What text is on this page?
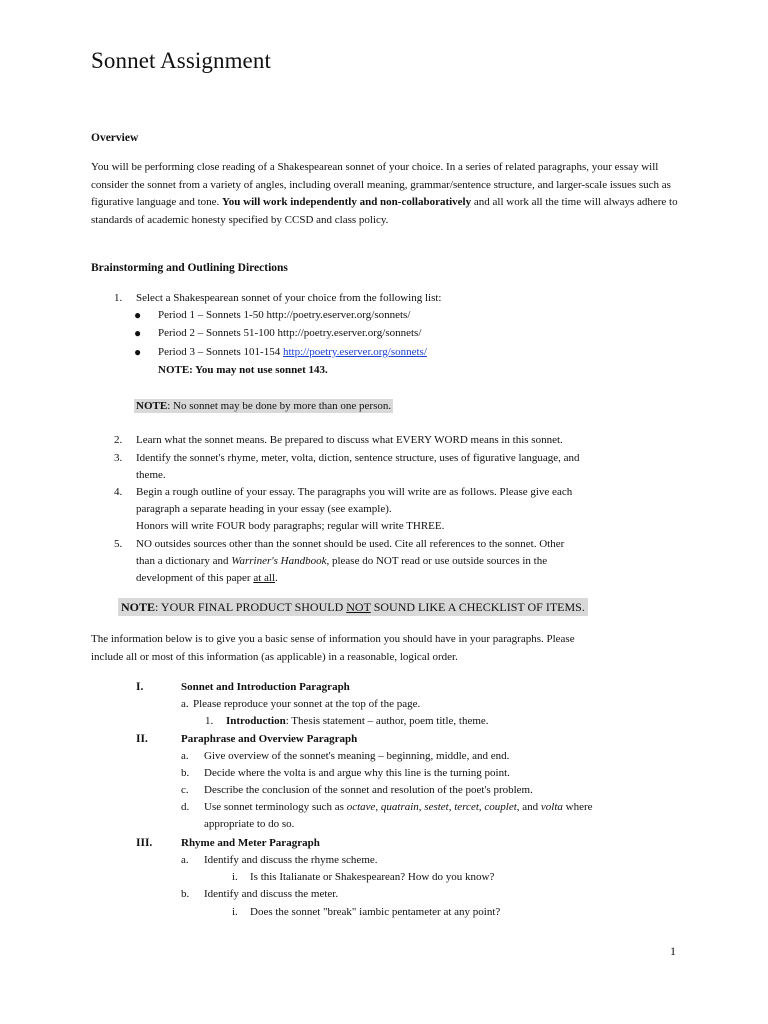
Sonnet Assignment
Overview
You will be performing close reading of a Shakespearean sonnet of your choice. In a series of related paragraphs, your essay will consider the sonnet from a variety of angles, including overall meaning, grammar/sentence structure, and larger-scale issues such as figurative language and tone. You will work independently and non-collaboratively and all work all the time will always adhere to standards of academic honesty specified by CCSD and class policy.
Brainstorming and Outlining Directions
1. Select a Shakespearean sonnet of your choice from the following list:
● Period 1 – Sonnets 1-50 http://poetry.eserver.org/sonnets/
● Period 2 – Sonnets 51-100 http://poetry.eserver.org/sonnets/
● Period 3 – Sonnets 101-154 http://poetry.eserver.org/sonnets/
NOTE: You may not use sonnet 143.
NOTE: No sonnet may be done by more than one person.
2. Learn what the sonnet means. Be prepared to discuss what EVERY WORD means in this sonnet.
3. Identify the sonnet's rhyme, meter, volta, diction, sentence structure, uses of figurative language, and
theme.
4. Begin a rough outline of your essay. The paragraphs you will write are as follows. Please give each
paragraph a separate heading in your essay (see example).
Honors will write FOUR body paragraphs; regular will write THREE.
5. NO outsides sources other than the sonnet should be used. Cite all references to the sonnet. Other
than a dictionary and Warriner's Handbook, please do NOT read or use outside sources in the
development of this paper at all.
NOTE: YOUR FINAL PRODUCT SHOULD NOT SOUND LIKE A CHECKLIST OF ITEMS.
The information below is to give you a basic sense of information you should have in your paragraphs. Please
include all or most of this information (as applicable) in a reasonable, logical order.
I.	Sonnet and Introduction Paragraph
a. Please reproduce your sonnet at the top of the page.
1. Introduction: Thesis statement – author, poem title, theme.
II.	Paraphrase and Overview Paragraph
a. Give overview of the sonnet's meaning – beginning, middle, and end.
b. Decide where the volta is and argue why this line is the turning point.
c. Describe the conclusion of the sonnet and resolution of the poet's problem.
d. Use sonnet terminology such as octave, quatrain, sestet, tercet, couplet, and volta where
appropriate to do so.
III.	Rhyme and Meter Paragraph
a. Identify and discuss the rhyme scheme.
i. Is this Italianate or Shakespearean? How do you know?
b. Identify and discuss the meter.
i. Does the sonnet "break" iambic pentameter at any point?
1
